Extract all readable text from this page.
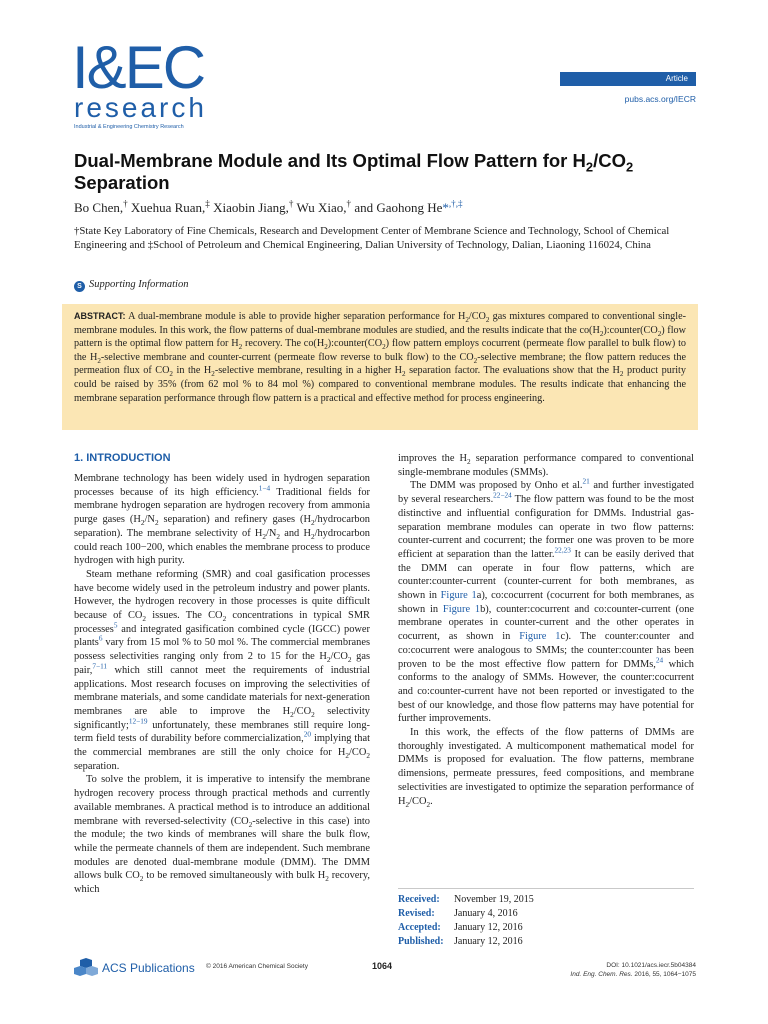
I&EC
research
Industrial & Engineering Chemistry Research
Article
pubs.acs.org/IECR
Dual-Membrane Module and Its Optimal Flow Pattern for $H_2/CO_2$
Separation
Bo Chen,† Xuehua Ruan,‡ Xiaobin Jiang,† Wu Xiao,† and Gaohong He*,†,‡
†State Key Laboratory of Fine Chemicals, Research and Development Center of Membrane Science and Technology, School of Chemical Engineering and ‡School of Petroleum and Chemical Engineering, Dalian University of Technology, Dalian, Liaoning 116024, China
S Supporting Information
ABSTRACT: A dual-membrane module is able to provide higher separation performance for $H_2/CO_2$ gas mixtures compared to conventional single-membrane modules. In this work, the flow patterns of dual-membrane modules are studied, and the results indicate that the $co(H_2):counter(CO_2)$ flow pattern is the optimal flow pattern for $H_2$ recovery. The $co(H_2):counter(CO_2)$ flow pattern employs cocurrent (permeate flow parallel to bulk flow) to the $H_2$-selective membrane and counter-current (permeate flow reverse to bulk flow) to the $CO_2$-selective membrane; the flow pattern reduces the permeation flux of $CO_2$ in the $H_2$-selective membrane, resulting in a higher $H_2$ separation factor. The evaluations show that the $H_2$ product purity could be raised by 35% (from 62 mol % to 84 mol %) compared to conventional membrane modules. The results indicate that enhancing the membrane separation performance through flow pattern is a practical and effective method for process engineering.
1. INTRODUCTION

Membrane technology has been widely used in hydrogen separation processes because of its high efficiency.$^{1-4}$ Traditional fields for membrane hydrogen separation are hydrogen recovery from ammonia purge gases ($H_2/N_2$ separation) and refinery gases ($H_2$/hydrocarbon separation). The membrane selectivity of $H_2/N_2$ and $H_2$/hydrocarbon could reach 100−200, which enables the membrane process to produce hydrogen with high purity.

Steam methane reforming (SMR) and coal gasification processes have become widely used in the petroleum industry and power plants. However, the hydrogen recovery in those processes is quite difficult because of $CO_2$ issues. The $CO_2$ concentrations in typical SMR processes$^5$ and integrated gasification combined cycle (IGCC) power plants$^6$ vary from 15 mol % to 50 mol %. The commercial membranes possess selectivities ranging only from 2 to 15 for the $H_2/CO_2$ gas pair,$^{7-11}$ which still cannot meet the requirements of industrial applications. Most research focuses on improving the selectivities of membrane materials, and some candidate materials for next-generation membranes are able to improve the $H_2/CO_2$ selectivity significantly;$^{12-19}$ unfortunately, these membranes still require long-term field tests of durability before commercialization,$^{20}$ implying that the commercial membranes are still the only choice for $H_2/CO_2$ separation.

To solve the problem, it is imperative to intensify the membrane hydrogen recovery process through practical methods and currently available membranes. A practical method is to introduce an additional membrane with reversed-selectivity ($CO_2$-selective in this case) into the module; the two kinds of membranes will share the bulk flow, while the permeate channels of them are independent. Such membrane modules are denoted dual-membrane module (DMM). The DMM allows bulk $CO_2$ to be removed simultaneously with bulk $H_2$ recovery, which

improves the $H_2$ separation performance compared to conventional single-membrane modules (SMMs).

The DMM was proposed by Onho et al.$^{21}$ and further investigated by several researchers.$^{22-24}$ The flow pattern was found to be the most distinctive and influential configuration for DMMs. Industrial gas-separation membrane modules can operate in two flow patterns: counter-current and cocurrent; the former one was proven to be more efficient at separation than the latter.$^{22,23}$ It can be easily derived that the DMM can operate in four flow patterns, which are counter:counter-current (counter-current for both membranes, as shown in Figure 1a), co:cocurrent (cocurrent for both membranes, as shown in Figure 1b), counter:cocurrent and co:counter-current (one membrane operates in counter-current and the other operates in cocurrent, as shown in Figure 1c). The counter:counter and co:cocurrent were analogous to SMMs; the counter:counter has been proven to be the most effective flow pattern for DMMs,$^{24}$ which conforms to the analogy of SMMs. However, the counter:cocurrent and co:counter-current have not been reported or investigated to the best of our knowledge, and those flow patterns may have potential for further improvements.

In this work, the effects of the flow patterns of DMMs are thoroughly investigated. A multicomponent mathematical model for DMMs is proposed for evaluation. The flow patterns, membrane dimensions, permeate pressures, feed compositions, and membrane selectivities are investigated to optimize the separation performance of $H_2/CO_2$.

Received:	November 19, 2015
Revised:	January 4, 2016
Accepted:	January 12, 2016
Published:	January 12, 2016
ACS Publications © 2016 American Chemical Society	1064	DOI: 10.1021/acs.iecr.5b04384
Ind. Eng. Chem. Res. 2016, 55, 1064−1075
